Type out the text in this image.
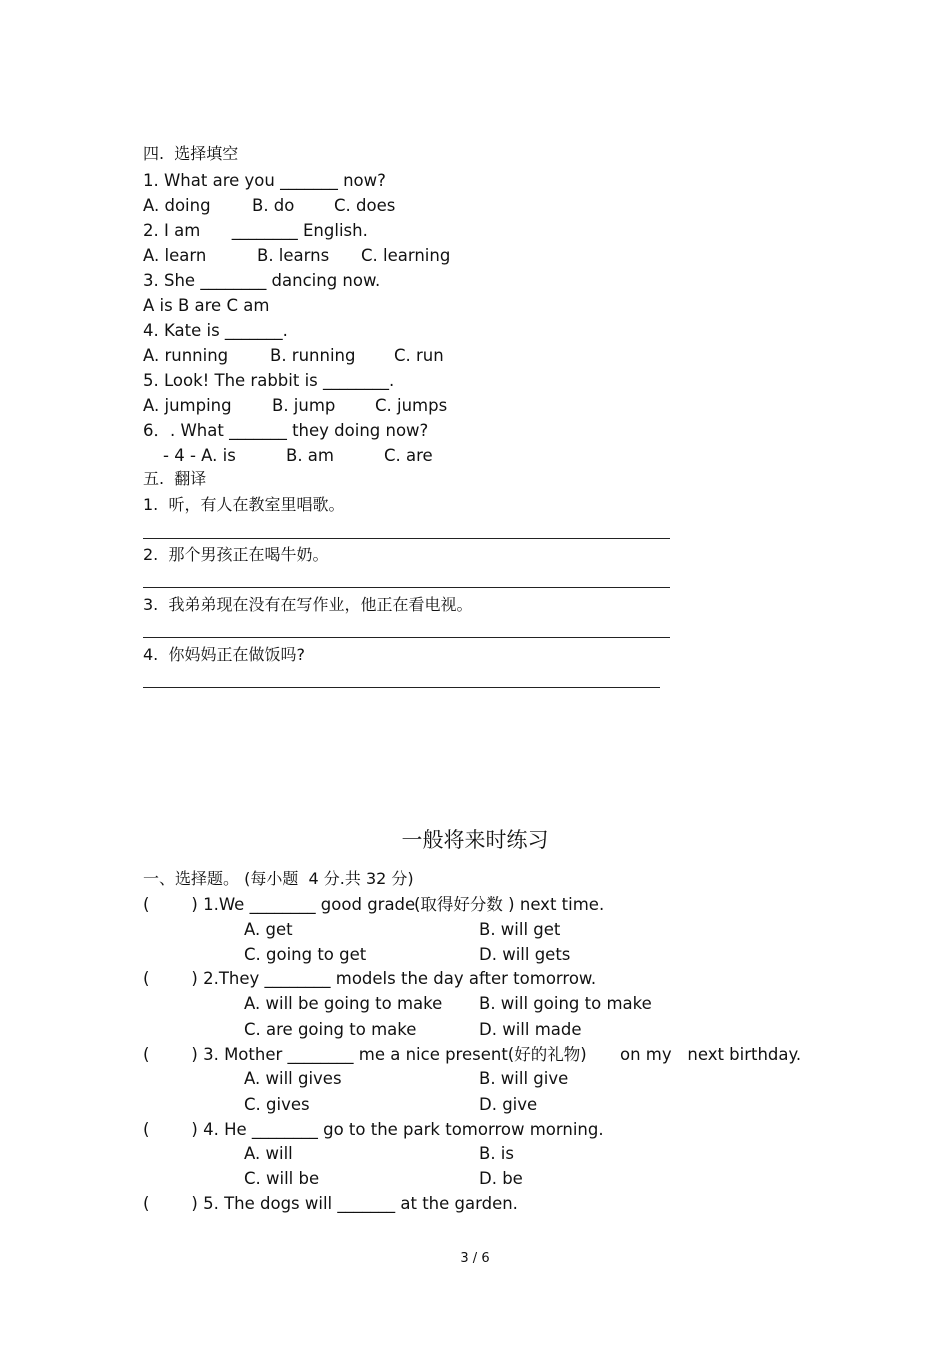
四.  选择填空
1. What are you _______ now?
A. doing	B. do C. does
2. I am      ________ English.
A. learn	B. learns C. learning
3. She ________ dancing now.
A is B are C am
4. Kate is _______.
A. running	B. running C. run
5. Look! The rabbit is ________.
A. jumping B. jump C. jumps
6．. What _______ they doing now?
- 4 - A. is	B. am	C. are
五.  翻译
1.  听，有人在教室里唱歌。
2.  那个男孩正在喝牛奶。
3.  我弟弟现在没有在写作业，他正在看电视。
4.  你妈妈正在做饭吗?
一般将来时练习
一、选择题。 (每小题  4 分.共 32 分)
(        ) 1.We ________ good grade
(取得好分数 ) next time.
A. get	B. will get
C. going to get	D. will gets
(        ) 2.They ________ models the day after tomorrow.
A. will be going to make B. will going to make
C. are going to make	D. will made
(        ) 3. Mother ________ me a nice present(好的礼物) on my   next birthday.
A. will gives	B. will give
C. gives	D. give
(        ) 4. He ________ go to the park tomorrow morning.
A. will	B. is
C. will be	D. be
(        ) 5. The dogs will _______ at the garden.
3 / 6
